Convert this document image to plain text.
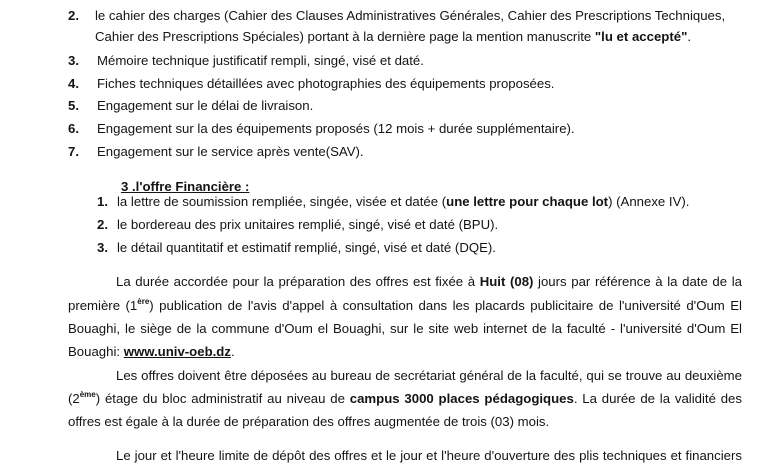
2. le cahier des charges (Cahier des Clauses Administratives Générales, Cahier des Prescriptions Techniques,
Cahier des Prescriptions Spéciales) portant à la dernière page la mention manuscrite "lu et accepté".
3. Mémoire technique justificatif rempli, singé, visé et daté.
4. Fiches techniques détaillées avec photographies des équipements proposées.
5. Engagement sur le délai de livraison.
6. Engagement sur la des équipements proposés (12 mois + durée supplémentaire).
7. Engagement sur le service après vente(SAV).
3 .l'offre Financière :
1. la lettre de soumission rempliée, singée, visée et datée (une lettre pour chaque lot) (Annexe IV).
2. le bordereau des prix unitaires remplié, singé, visé et daté (BPU).
3. le détail quantitatif et estimatif remplié, singé, visé et daté (DQE).
La durée accordée pour la préparation des offres est fixée à Huit (08) jours par référence à la date de la
première (1ère) publication de l'avis d'appel à consultation dans les placards publicitaire de l'université d'Oum El
Bouaghi, le siège de la commune d'Oum el Bouaghi, sur le site web internet de la faculté - l'université d'Oum El
Bouaghi: www.univ-oeb.dz.
Les offres doivent être déposées au bureau de secrétariat général de la faculté, qui se trouve au deuxième
(2ème) étage du bloc administratif au niveau de campus 3000 places pédagogiques. La durée de la validité des
offres est égale à la durée de préparation des offres augmentée de trois (03) mois.
Le jour et l'heure limite de dépôt des offres et le jour et l'heure d'ouverture des plis techniques et financiers
